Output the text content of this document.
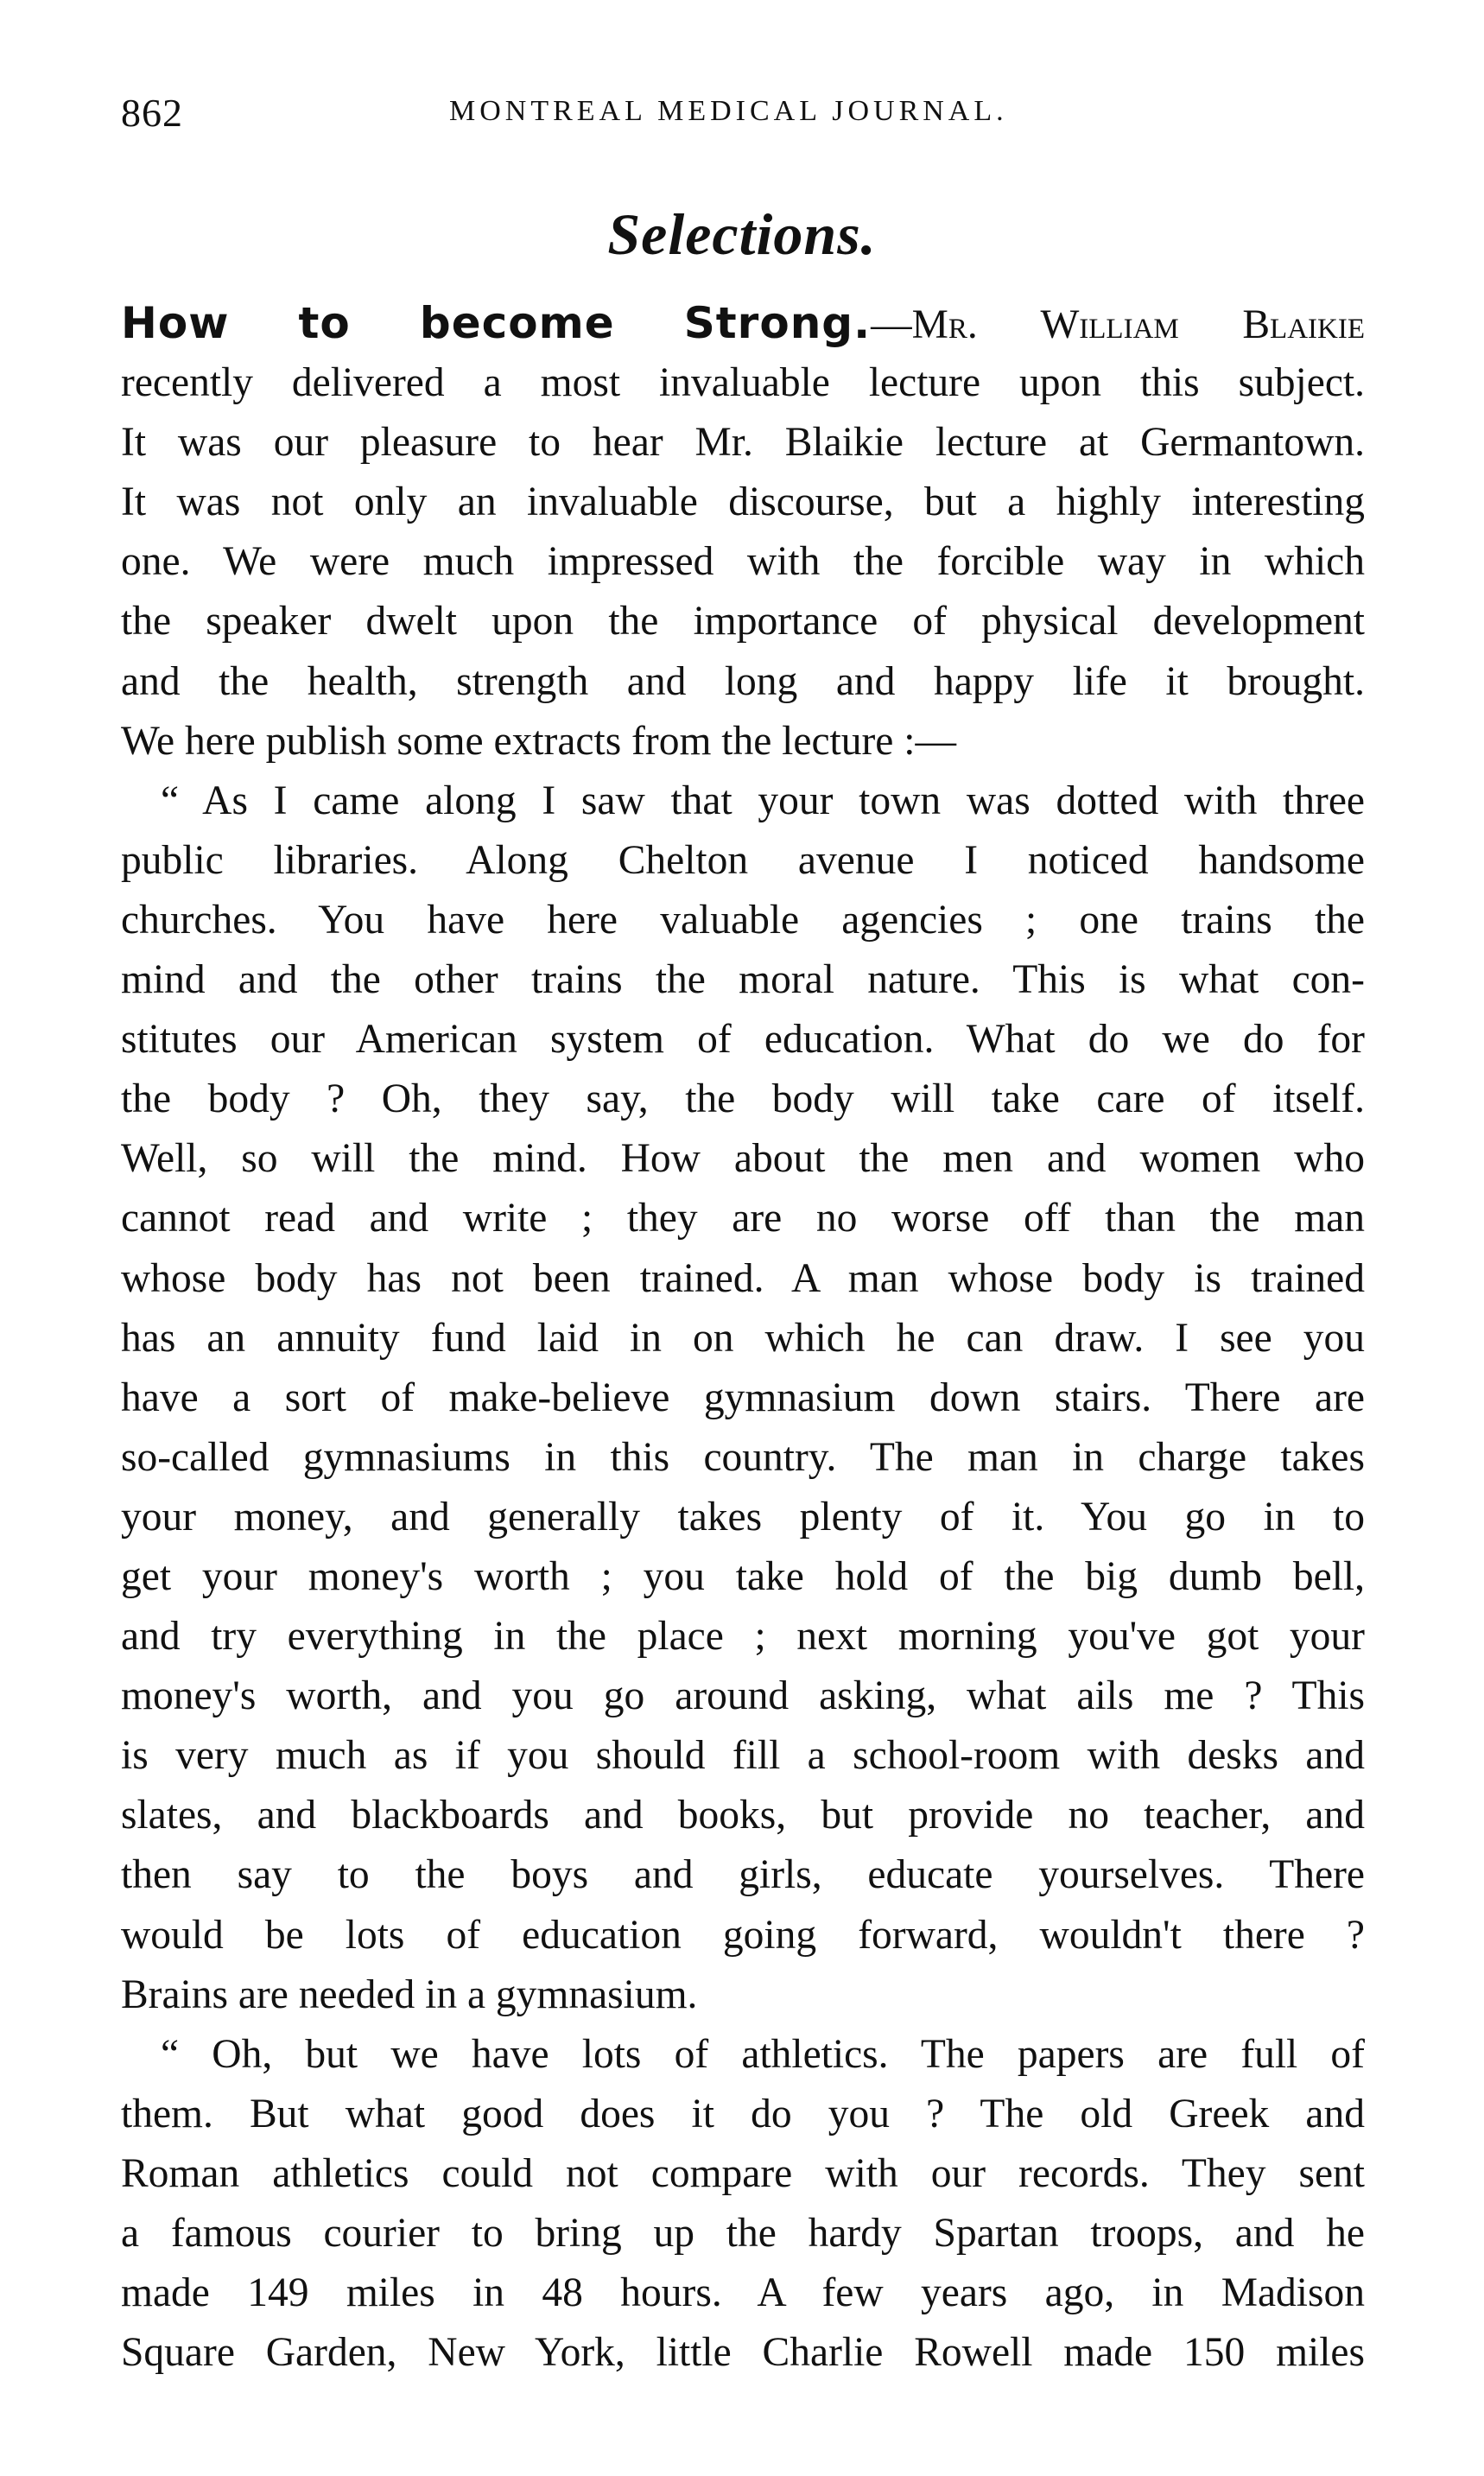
862	MONTREAL MEDICAL JOURNAL.
Selections.
How to become Strong.—Mr. William Blaikie
recently delivered a most invaluable lecture upon this subject.
It was our pleasure to hear Mr. Blaikie lecture at Germantown.
It was not only an invaluable discourse, but a highly interesting
one. We were much impressed with the forcible way in which
the speaker dwelt upon the importance of physical development
and the health, strength and long and happy life it brought.
We here publish some extracts from the lecture :—
“ As I came along I saw that your town was dotted with three
public libraries. Along Chelton avenue I noticed handsome
churches. You have here valuable agencies ; one trains the
mind and the other trains the moral nature. This is what con-
stitutes our American system of education. What do we do for
the body ? Oh, they say, the body will take care of itself.
Well, so will the mind. How about the men and women who
cannot read and write ; they are no worse off than the man
whose body has not been trained. A man whose body is trained
has an annuity fund laid in on which he can draw. I see you
have a sort of make-believe gymnasium down stairs. There are
so-called gymnasiums in this country. The man in charge takes
your money, and generally takes plenty of it. You go in to
get your money's worth ; you take hold of the big dumb bell,
and try everything in the place ; next morning you've got your
money's worth, and you go around asking, what ails me ? This
is very much as if you should fill a school-room with desks and
slates, and blackboards and books, but provide no teacher, and
then say to the boys and girls, educate yourselves. There
would be lots of education going forward, wouldn't there ?
Brains are needed in a gymnasium.
“ Oh, but we have lots of athletics. The papers are full of
them. But what good does it do you ? The old Greek and
Roman athletics could not compare with our records. They sent
a famous courier to bring up the hardy Spartan troops, and he
made 149 miles in 48 hours. A few years ago, in Madison
Square Garden, New York, little Charlie Rowell made 150 miles
